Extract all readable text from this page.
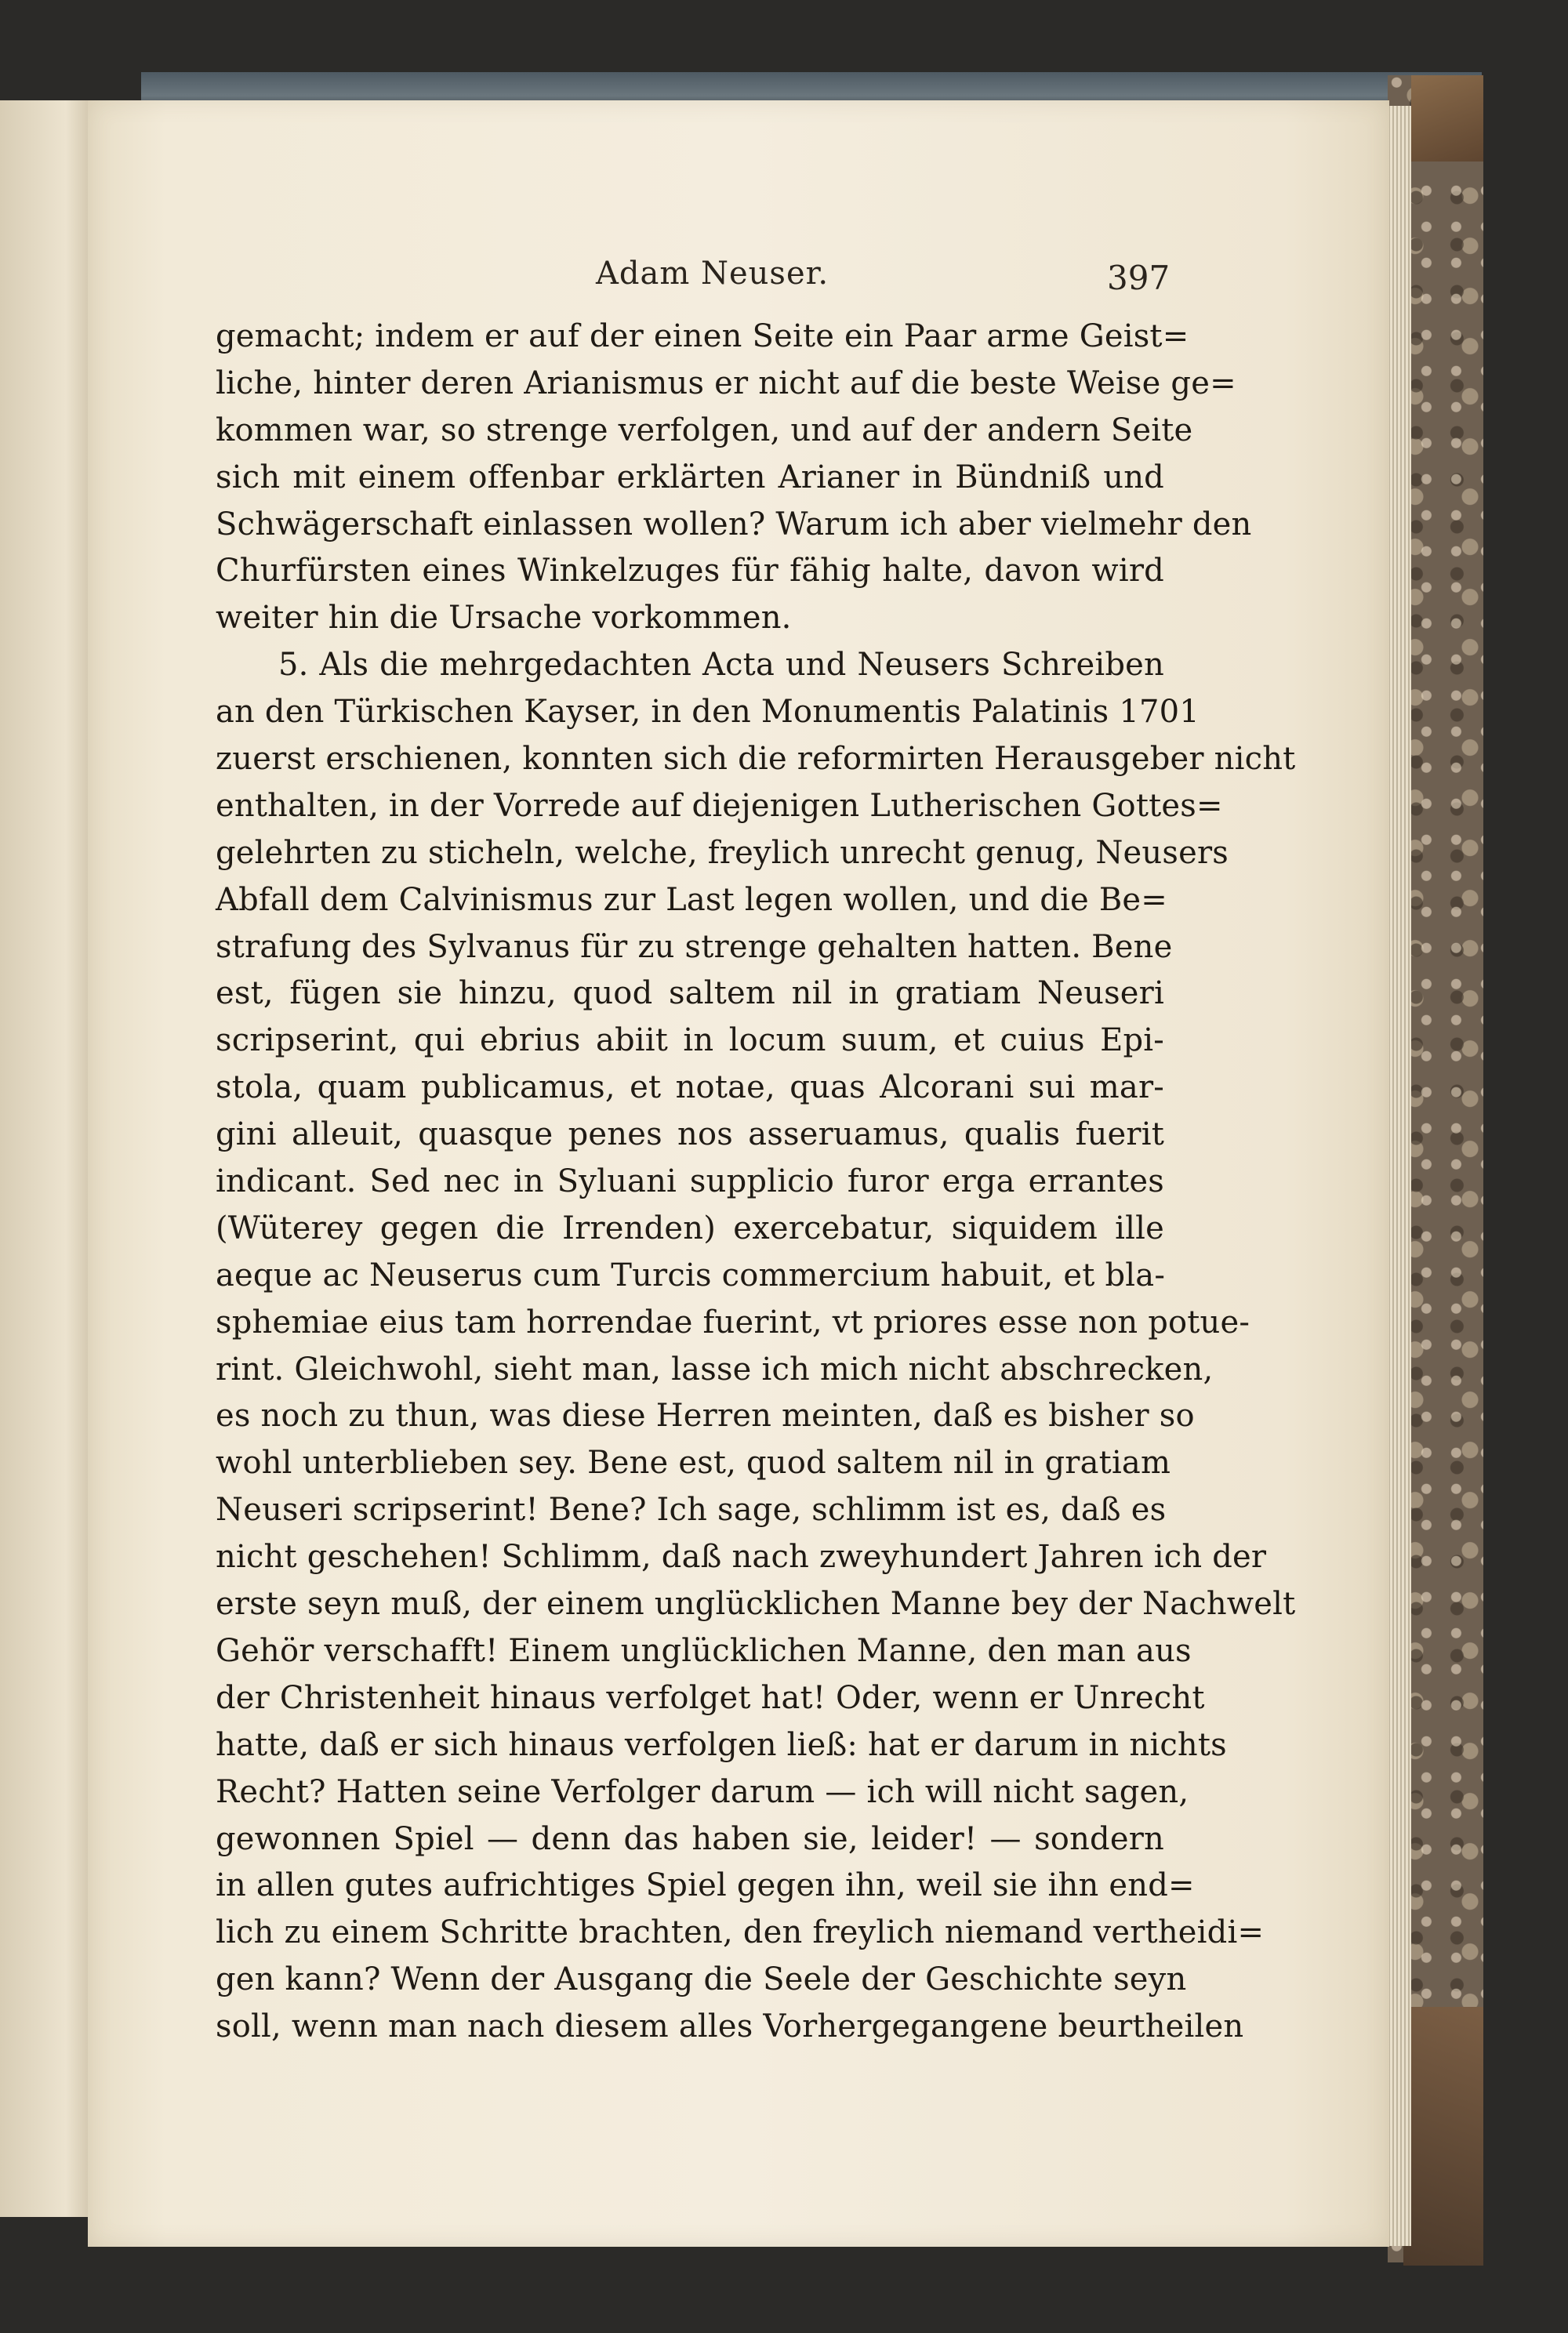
Adam Neuser.	397
gemacht; indem er auf der einen Seite ein Paar arme Geist=
liche, hinter deren Arianismus er nicht auf die beste Weise ge=
kommen war, so strenge verfolgen, und auf der andern Seite
sich mit einem offenbar erklärten Arianer in Bündniß und
Schwägerschaft einlassen wollen? Warum ich aber vielmehr den
Churfürsten eines Winkelzuges für fähig halte, davon wird
weiter hin die Ursache vorkommen.
5. Als die mehrgedachten Acta und Neusers Schreiben
an den Türkischen Kayser, in den Monumentis Palatinis 1701
zuerst erschienen, konnten sich die reformirten Herausgeber nicht
enthalten, in der Vorrede auf diejenigen Lutherischen Gottes=
gelehrten zu sticheln, welche, freylich unrecht genug, Neusers
Abfall dem Calvinismus zur Last legen wollen, und die Be=
strafung des Sylvanus für zu strenge gehalten hatten. Bene
est, fügen sie hinzu, quod saltem nil in gratiam Neuseri
scripserint, qui ebrius abiit in locum suum, et cuius Epi-
stola, quam publicamus, et notae, quas Alcorani sui mar-
gini alleuit, quasque penes nos asseruamus, qualis fuerit
indicant. Sed nec in Syluani supplicio furor erga errantes
(Wüterey gegen die Irrenden) exercebatur, siquidem ille
aeque ac Neuserus cum Turcis commercium habuit, et bla-
sphemiae eius tam horrendae fuerint, vt priores esse non potue-
rint. Gleichwohl, sieht man, lasse ich mich nicht abschrecken,
es noch zu thun, was diese Herren meinten, daß es bisher so
wohl unterblieben sey. Bene est, quod saltem nil in gratiam
Neuseri scripserint! Bene? Ich sage, schlimm ist es, daß es
nicht geschehen! Schlimm, daß nach zweyhundert Jahren ich der
erste seyn muß, der einem unglücklichen Manne bey der Nachwelt
Gehör verschafft! Einem unglücklichen Manne, den man aus
der Christenheit hinaus verfolget hat! Oder, wenn er Unrecht
hatte, daß er sich hinaus verfolgen ließ: hat er darum in nichts
Recht? Hatten seine Verfolger darum — ich will nicht sagen,
gewonnen Spiel — denn das haben sie, leider! — sondern
in allen gutes aufrichtiges Spiel gegen ihn, weil sie ihn end=
lich zu einem Schritte brachten, den freylich niemand vertheidi=
gen kann? Wenn der Ausgang die Seele der Geschichte seyn
soll, wenn man nach diesem alles Vorhergegangene beurtheilen
